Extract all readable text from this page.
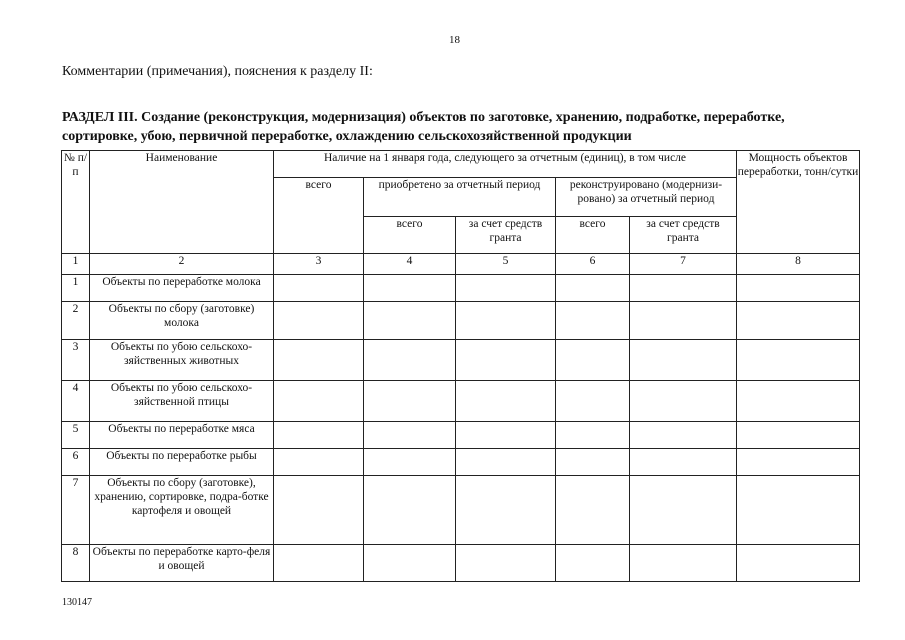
18
Комментарии (примечания), пояснения к разделу II:
РАЗДЕЛ III. Создание (реконструкция, модернизация) объектов по заготовке, хранению, подработке, переработке, сортировке, убою, первичной переработке, охлаждению сельскохозяйственной продукции
№ п/п	Наименование	Наличие на 1 января года, следующего за отчетным (единиц), в том числе					Мощность объектов переработки, тонн/сутки
		всего	приобретено за отчетный период		реконструировано (модернизи-ровано) за отчетный период		
			всего	за счет средств гранта	всего	за счет средств гранта	
1	2	3	4	5	6	7	8
1	Объекты по переработке молока						
2	Объекты по сбору (заготовке) молока						
3	Объекты по убою сельскохо-зяйственных животных						
4	Объекты по убою сельскохо-зяйственной птицы						
5	Объекты по переработке мяса						
6	Объекты по переработке рыбы						
7	Объекты по сбору (заготовке), хранению, сортировке, подра-ботке картофеля и овощей						
8	Объекты по переработке карто-феля и овощей						
130147
